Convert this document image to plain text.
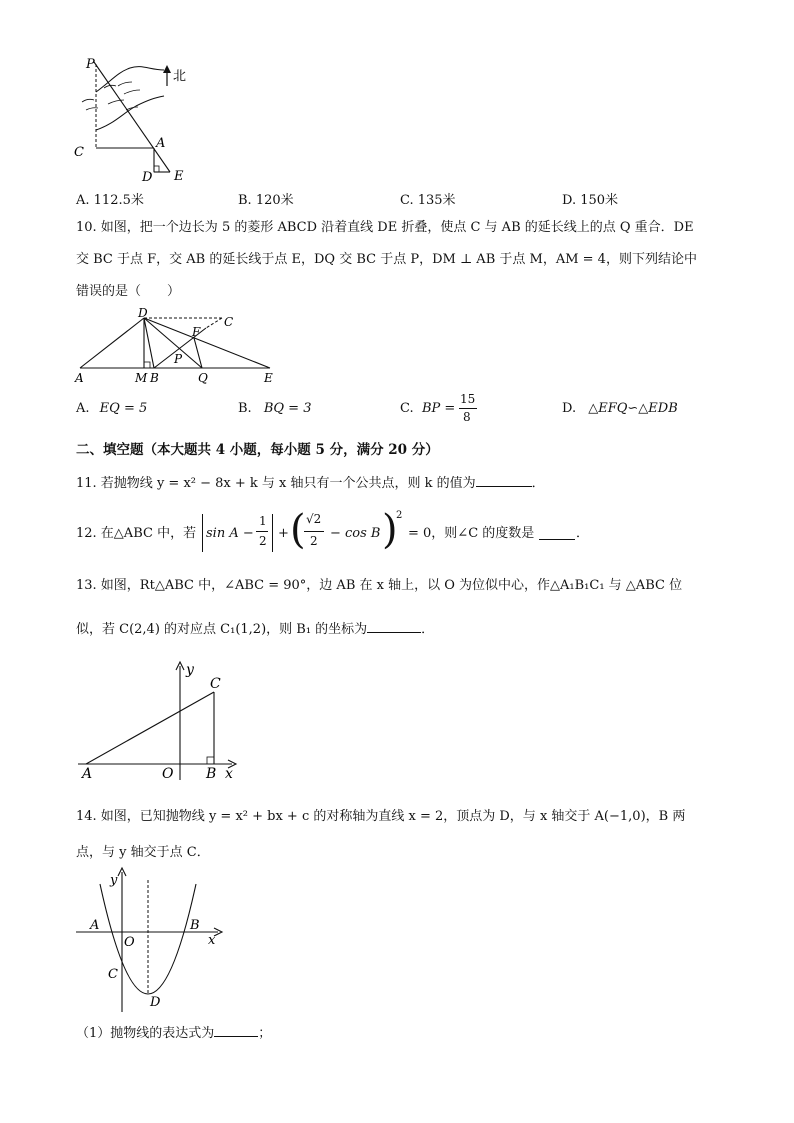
北
P
C
A
D E
A. 112.5米	B. 120米	C. 135米	D. 150米
10. 如图，把一个边长为 5 的菱形 ABCD 沿着直线 DE 折叠，使点 C 与 AB 的延长线上的点 Q 重合．DE
交 BC 于点 F，交 AB 的延长线于点 E，DQ 交 BC 于点 P，DM ⊥ AB 于点 M，AM = 4，则下列结论中
错误的是（　　）
D
C
F
P
A	M B	Q	E
A. EQ = 5	B. BQ = 3	C. BP =
15
8
D. △EFQ∽△EDB
二、填空题（本大题共 4 小题，每小题 5 分，满分 20 分）
11. 若抛物线 y = x² − 8x + k 与 x 轴只有一个公共点，则 k 的值为	．
12. 在△ABC 中，若 sin A −
1
2 + ( √2
2 − cos B )
2
= 0，则∠C 的度数是	．
13. 如图，Rt△ABC 中，∠ABC = 90°，边 AB 在 x 轴上，以 O 为位似中心，作△A₁B₁C₁ 与 △ABC 位
似，若 C(2,4) 的对应点 C₁(1,2)，则 B₁ 的坐标为	．
y
C
A	O B x
14. 如图，已知抛物线 y = x² + bx + c 的对称轴为直线 x = 2，顶点为 D，与 x 轴交于 A(−1,0)，B 两
点，与 y 轴交于点 C．
y
A	B
O	x
C
D
（1）抛物线的表达式为	；
